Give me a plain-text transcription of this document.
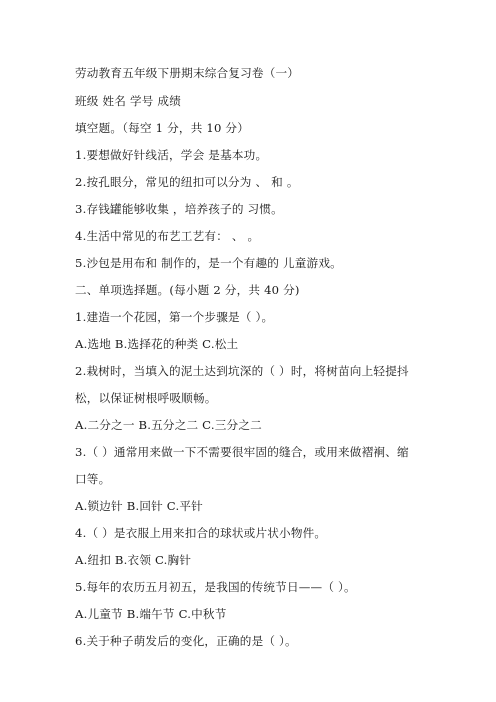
劳动教育五年级下册期末综合复习卷（一）

班级 姓名 学号 成绩

填空题。（每空 1 分，共 10 分）

1.要想做好针线活，学会 是基本功。

2.按孔眼分，常见的纽扣可以分为 、 和 。

3.存钱罐能够收集 ，培养孩子的 习惯。

4.生活中常见的布艺工艺有： 、 。

5.沙包是用布和 制作的，是一个有趣的 儿童游戏。

二、单项选择题。(每小题 2 分，共 40 分)

1.建造一个花园，第一个步骤是（ ）。

A.选地 B.选择花的种类 C.松土

2.栽树时，当填入的泥土达到坑深的（ ）时，将树苗向上轻提抖

松，以保证树根呼吸顺畅。

A.二分之一 B.五分之二 C.三分之二

3.（ ）通常用来做一下不需要很牢固的缝合，或用来做褶裥、缩

口等。

A.锁边针 B.回针 C.平针

4.（ ）是衣服上用来扣合的球状或片状小物件。

A.纽扣 B.衣领 C.胸针

5.每年的农历五月初五，是我国的传统节日——（ ）。

A.儿童节 B.端午节 C.中秋节

6.关于种子萌发后的变化，正确的是（ ）。
